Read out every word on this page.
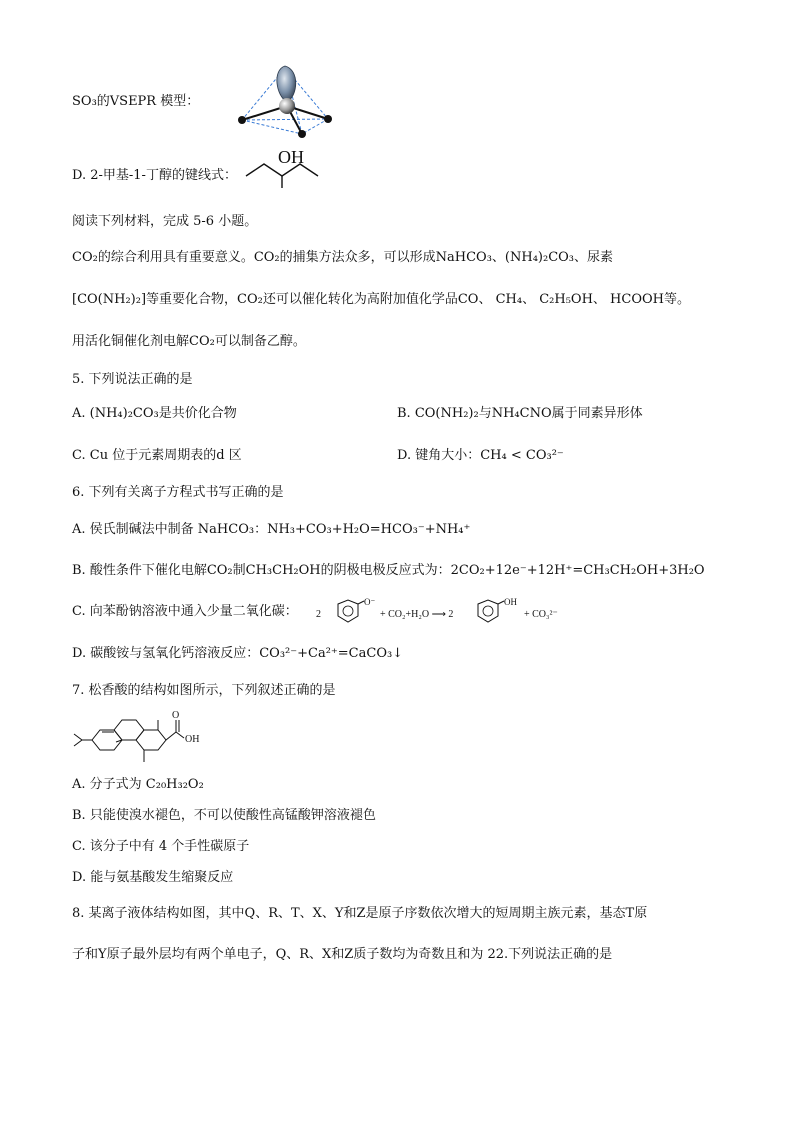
SO₃的VSEPR 模型：
D. 2-甲基-1-丁醇的键线式：
OH
阅读下列材料，完成 5-6 小题。
CO₂的综合利用具有重要意义。CO₂的捕集方法众多，可以形成NaHCO₃、(NH₄)₂CO₃、尿素
[CO(NH₂)₂]等重要化合物，CO₂还可以催化转化为高附加值化学品CO、 CH₄、 C₂H₅OH、 HCOOH等。
用活化铜催化剂电解CO₂可以制备乙醇。
5. 下列说法正确的是
A. (NH₄)₂CO₃是共价化合物	B. CO(NH₂)₂与NH₄CNO属于同素异形体
C. Cu 位于元素周期表的d 区	D. 键角大小：CH₄ < CO₃²⁻
6. 下列有关离子方程式书写正确的是
A. 侯氏制碱法中制备 NaHCO₃：NH₃+CO₃+H₂O=HCO₃⁻+NH₄⁺
B. 酸性条件下催化电解CO₂制CH₃CH₂OH的阴极电极反应式为：2CO₂+12e⁻+12H⁺=CH₃CH₂OH+3H₂O
C. 向苯酚钠溶液中通入少量二氧化碳： 2
O⁻
+ CO₂+H₂O ⟶ 2
OH
+ CO₃²⁻
D. 碳酸铵与氢氧化钙溶液反应：CO₃²⁻+Ca²⁺=CaCO₃↓
7. 松香酸的结构如图所示，下列叙述正确的是
O
OH
A. 分子式为 C₂₀H₃₂O₂
B. 只能使溴水褪色，不可以使酸性高锰酸钾溶液褪色
C. 该分子中有 4 个手性碳原子
D. 能与氨基酸发生缩聚反应
8. 某离子液体结构如图，其中Q、R、T、X、Y和Z是原子序数依次增大的短周期主族元素，基态T原
子和Y原子最外层均有两个单电子，Q、R、X和Z质子数均为奇数且和为 22.下列说法正确的是
